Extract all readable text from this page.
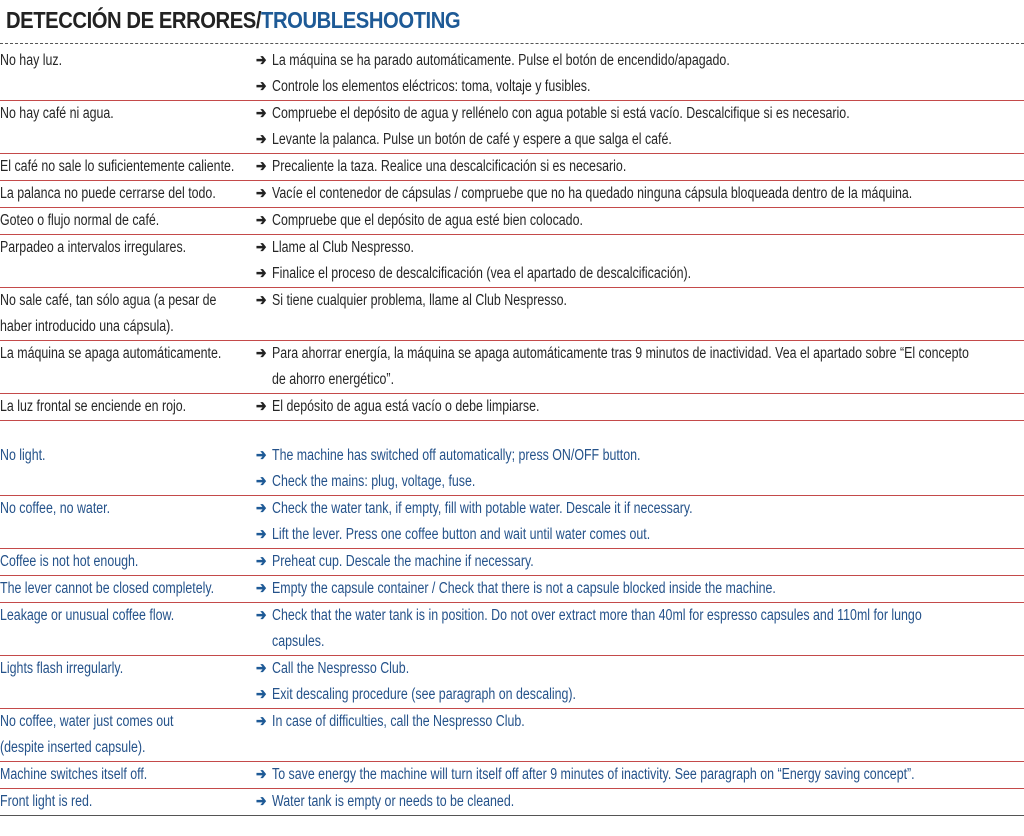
DETECCIÓN DE ERRORES/TROUBLESHOOTING
No hay luz.	➔ La máquina se ha parado automáticamente. Pulse el botón de encendido/apagado.
➔ Controle los elementos eléctricos: toma, voltaje y fusibles.

No hay café ni agua.	➔ Compruebe el depósito de agua y rellénelo con agua potable si está vacío. Descalcifique si es necesario.
➔ Levante la palanca. Pulse un botón de café y espere a que salga el café.

El café no sale lo suficientemente caliente.	➔ Precaliente la taza. Realice una descalcificación si es necesario.

La palanca no puede cerrarse del todo.	➔ Vacíe el contenedor de cápsulas / compruebe que no ha quedado ninguna cápsula bloqueada dentro de la máquina.

Goteo o flujo normal de café.	➔ Compruebe que el depósito de agua esté bien colocado.

Parpadeo a intervalos irregulares.	➔ Llame al Club Nespresso.
➔ Finalice el proceso de descalcificación (vea el apartado de descalcificación).

No sale café, tan sólo agua (a pesar de
haber introducido una cápsula).	➔ Si tiene cualquier problema, llame al Club Nespresso.

La máquina se apaga automáticamente.	➔ Para ahorrar energía, la máquina se apaga automáticamente tras 9 minutos de inactividad. Vea el apartado sobre “El concepto
de ahorro energético”.

La luz frontal se enciende en rojo.	➔ El depósito de agua está vacío o debe limpiarse.

No light.	➔ The machine has switched off automatically; press ON/OFF button.
➔ Check the mains: plug, voltage, fuse.

No coffee, no water.	➔ Check the water tank, if empty, fill with potable water. Descale it if necessary.
➔ Lift the lever. Press one coffee button and wait until water comes out.

Coffee is not hot enough.	➔ Preheat cup. Descale the machine if necessary.

The lever cannot be closed completely.	➔ Empty the capsule container / Check that there is not a capsule blocked inside the machine.

Leakage or unusual coffee flow.	➔ Check that the water tank is in position. Do not over extract more than 40ml for espresso capsules and 110ml for lungo
capsules.

Lights flash irregularly.	➔ Call the Nespresso Club.
➔ Exit descaling procedure (see paragraph on descaling).

No coffee, water just comes out
(despite inserted capsule).	➔ In case of difficulties, call the Nespresso Club.

Machine switches itself off.	➔ To save energy the machine will turn itself off after 9 minutes of inactivity. See paragraph on “Energy saving concept”.

Front light is red.	➔ Water tank is empty or needs to be cleaned.
